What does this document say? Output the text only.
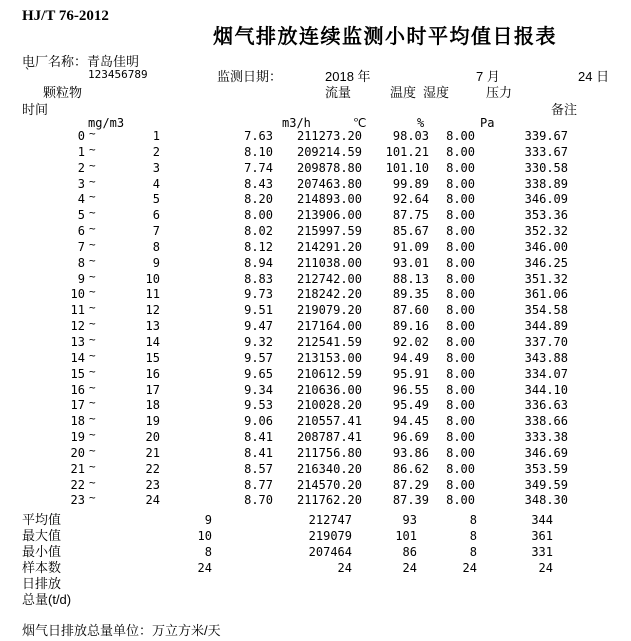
HJ/T 76-2012
烟气排放连续监测小时平均值日报表
电厂名称：青岛佳明
`	123456789	监测日期：	2018 年	7 月	24 日
颗粒物	流量	温度 湿度	压力
时间	备注
mg/m3	m3/h	℃	%	Pa
0 ~	1	7.63	211273.20	98.03	8.00	339.67
1 ~	2	8.10	209214.59	101.21	8.00	333.67
2 ~	3	7.74	209878.80	101.10	8.00	330.58
3 ~	4	8.43	207463.80	99.89	8.00	338.89
4 ~	5	8.20	214893.00	92.64	8.00	346.09
5 ~	6	8.00	213906.00	87.75	8.00	353.36
6 ~	7	8.02	215997.59	85.67	8.00	352.32
7 ~	8	8.12	214291.20	91.09	8.00	346.00
8 ~	9	8.94	211038.00	93.01	8.00	346.25
9 ~	10	8.83	212742.00	88.13	8.00	351.32
10 ~	11	9.73	218242.20	89.35	8.00	361.06
11 ~	12	9.51	219079.20	87.60	8.00	354.58
12 ~	13	9.47	217164.00	89.16	8.00	344.89
13 ~	14	9.32	212541.59	92.02	8.00	337.70
14 ~	15	9.57	213153.00	94.49	8.00	343.88
15 ~	16	9.65	210612.59	95.91	8.00	334.07
16 ~	17	9.34	210636.00	96.55	8.00	344.10
17 ~	18	9.53	210028.20	95.49	8.00	336.63
18 ~	19	9.06	210557.41	94.45	8.00	338.66
19 ~	20	8.41	208787.41	96.69	8.00	333.38
20 ~	21	8.41	211756.80	93.86	8.00	346.69
21 ~	22	8.57	216340.20	86.62	8.00	353.59
22 ~	23	8.77	214570.20	87.29	8.00	349.59
23 ~	24	8.70	211762.20	87.39	8.00	348.30
平均值	9	212747	93	8	344
最大值	10	219079	101	8	361
最小值	8	207464	86	8	331
样本数	24	24	24	24	24
日排放
总量(t/d)
烟气日排放总量单位：万立方米/天
